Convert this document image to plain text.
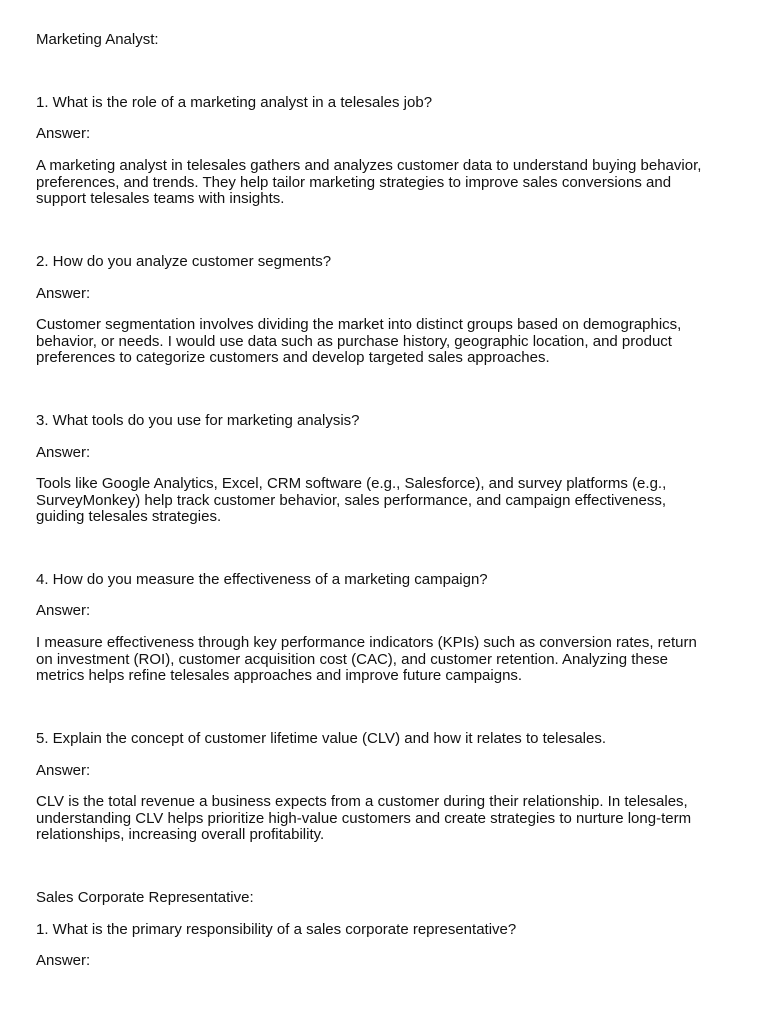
Marketing Analyst:
1. What is the role of a marketing analyst in a telesales job?
Answer:
A marketing analyst in telesales gathers and analyzes customer data to understand buying behavior,
preferences, and trends. They help tailor marketing strategies to improve sales conversions and
support telesales teams with insights.
2. How do you analyze customer segments?
Answer:
Customer segmentation involves dividing the market into distinct groups based on demographics,
behavior, or needs. I would use data such as purchase history, geographic location, and product
preferences to categorize customers and develop targeted sales approaches.
3. What tools do you use for marketing analysis?
Answer:
Tools like Google Analytics, Excel, CRM software (e.g., Salesforce), and survey platforms (e.g.,
SurveyMonkey) help track customer behavior, sales performance, and campaign effectiveness,
guiding telesales strategies.
4. How do you measure the effectiveness of a marketing campaign?
Answer:
I measure effectiveness through key performance indicators (KPIs) such as conversion rates, return
on investment (ROI), customer acquisition cost (CAC), and customer retention. Analyzing these
metrics helps refine telesales approaches and improve future campaigns.
5. Explain the concept of customer lifetime value (CLV) and how it relates to telesales.
Answer:
CLV is the total revenue a business expects from a customer during their relationship. In telesales,
understanding CLV helps prioritize high-value customers and create strategies to nurture long-term
relationships, increasing overall profitability.
Sales Corporate Representative:
1. What is the primary responsibility of a sales corporate representative?
Answer:
